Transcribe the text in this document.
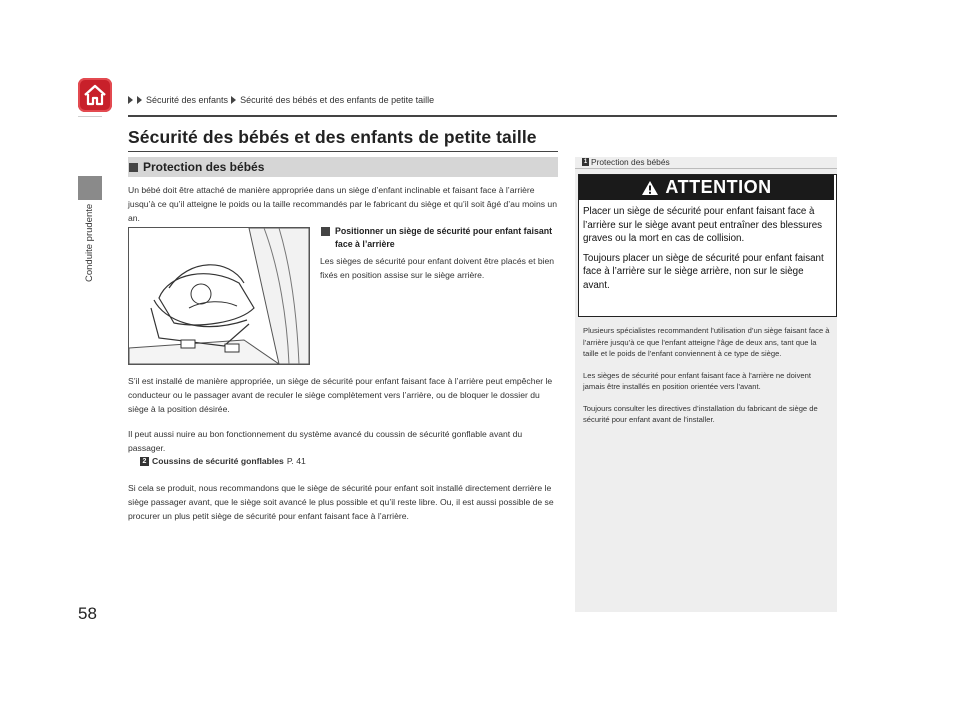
Conduite prudente
58
Sécurité des enfants Sécurité des bébés et des enfants de petite taille
Sécurité des bébés et des enfants de petite taille
Protection des bébés
Un bébé doit être attaché de manière appropriée dans un siège d’enfant inclinable et faisant face à l’arrière jusqu’à ce qu’il atteigne le poids ou la taille recommandés par le fabricant du siège et qu’il soit âgé d’au moins un an.
Positionner un siège de sécurité pour enfant faisant face à l’arrière
Les sièges de sécurité pour enfant doivent être placés et bien fixés en position assise sur le siège arrière.
S’il est installé de manière appropriée, un siège de sécurité pour enfant faisant face à l’arrière peut empêcher le conducteur ou le passager avant de reculer le siège complètement vers l’arrière, ou de bloquer le dossier du siège à la position désirée.
Il peut aussi nuire au bon fonctionnement du système avancé du coussin de sécurité gonflable avant du passager.
2 Coussins de sécurité gonflables P. 41
Si cela se produit, nous recommandons que le siège de sécurité pour enfant soit installé directement derrière le siège passager avant, que le siège soit avancé le plus possible et qu’il reste libre. Ou, il est aussi possible de se procurer un plus petit siège de sécurité pour enfant faisant face à l’arrière.
1 Protection des bébés
ATTENTION

Placer un siège de sécurité pour enfant faisant face à l’arrière sur le siège avant peut entraîner des blessures graves ou la mort en cas de collision.

Toujours placer un siège de sécurité pour enfant faisant face à l’arrière sur le siège arrière, non sur le siège avant.

Plusieurs spécialistes recommandent l’utilisation d’un siège faisant face à l’arrière jusqu’à ce que l’enfant atteigne l’âge de deux ans, tant que la taille et le poids de l’enfant conviennent à ce type de siège.

Les sièges de sécurité pour enfant faisant face à l’arrière ne doivent jamais être installés en position orientée vers l’avant.

Toujours consulter les directives d’installation du fabricant de siège de sécurité pour enfant avant de l’installer.
